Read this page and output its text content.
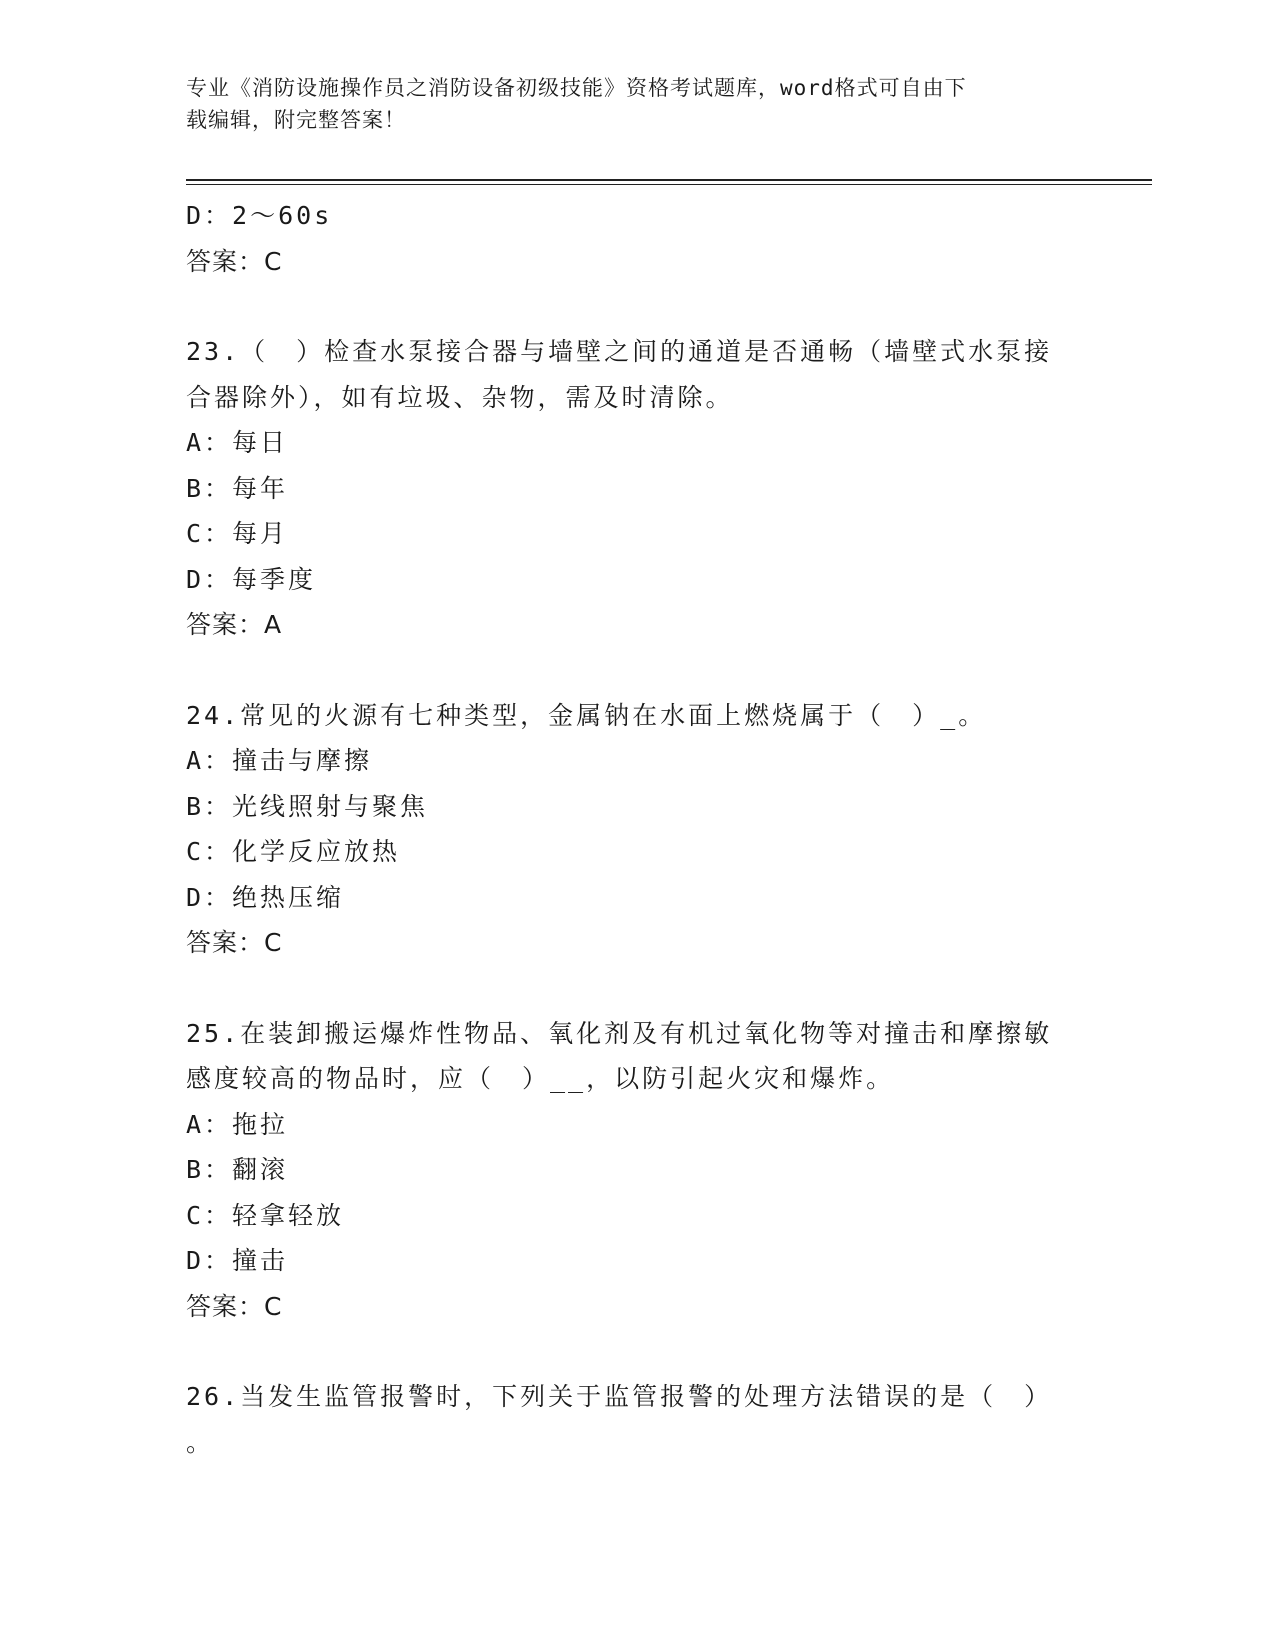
专业《消防设施操作员之消防设备初级技能》资格考试题库，word格式可自由下
载编辑，附完整答案！
D：2～60s
答案：C
23.（　）检查水泵接合器与墙壁之间的通道是否通畅（墙壁式水泵接
合器除外），如有垃圾、杂物，需及时清除。
A：每日
B：每年
C：每月
D：每季度
答案：A
24.常见的火源有七种类型，金属钠在水面上燃烧属于（　）_。
A：撞击与摩擦
B：光线照射与聚焦
C：化学反应放热
D：绝热压缩
答案：C
25.在装卸搬运爆炸性物品、氧化剂及有机过氧化物等对撞击和摩擦敏
感度较高的物品时，应（　）__，以防引起火灾和爆炸。
A：拖拉
B：翻滚
C：轻拿轻放
D：撞击
答案：C
26.当发生监管报警时，下列关于监管报警的处理方法错误的是（　）
。
